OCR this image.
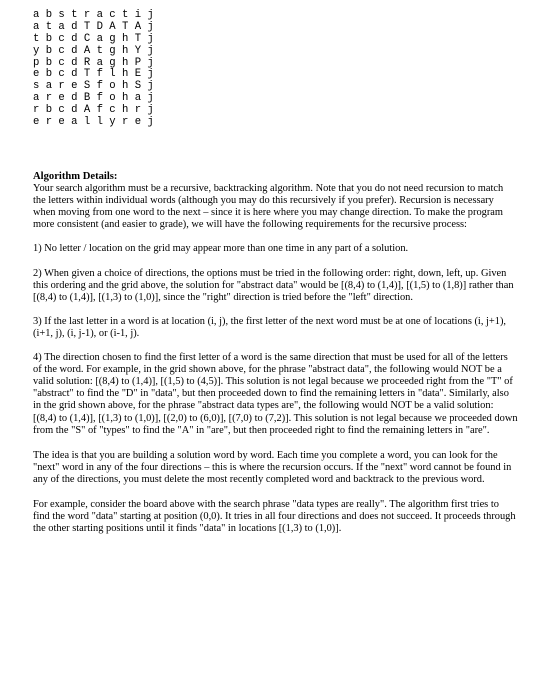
a b s t r a c t i j
a t a d T D A T A j
t b c d C a g h T j
y b c d A t g h Y j
p b c d R a g h P j
e b c d T f l h E j
s a r e S f o h S j
a r e d B f o h a j
r b c d A f c h r j
e r e a l l y r e j
Algorithm Details:

Your search algorithm must be a recursive, backtracking algorithm. Note that you do not need recursion to match the letters within individual words (although you may do this recursively if you prefer). Recursion is necessary when moving from one word to the next – since it is here where you may change direction. To make the program more consistent (and easier to grade), we will have the following requirements for the recursive process:

1) No letter / location on the grid may appear more than one time in any part of a solution.

2) When given a choice of directions, the options must be tried in the following order: right, down, left, up. Given this ordering and the grid above, the solution for "abstract data" would be [(8,4) to (1,4)], [(1,5) to (1,8)] rather than [(8,4) to (1,4)], [(1,3) to (1,0)], since the "right" direction is tried before the "left" direction.

3) If the last letter in a word is at location (i, j), the first letter of the next word must be at one of locations (i, j+1), (i+1, j), (i, j-1), or (i-1, j).

4) The direction chosen to find the first letter of a word is the same direction that must be used for all of the letters of the word. For example, in the grid shown above, for the phrase "abstract data", the following would NOT be a valid solution: [(8,4) to (1,4)], [(1,5) to (4,5)]. This solution is not legal because we proceeded right from the "T" of "abstract" to find the "D" in "data", but then proceeded down to find the remaining letters in "data". Similarly, also in the grid shown above, for the phrase "abstract data types are", the following would NOT be a valid solution: [(8,4) to (1,4)], [(1,3) to (1,0)], [(2,0) to (6,0)], [(7,0) to (7,2)]. This solution is not legal because we proceeded down from the "S" of "types" to find the "A" in "are", but then proceeded right to find the remaining letters in "are".

The idea is that you are building a solution word by word. Each time you complete a word, you can look for the "next" word in any of the four directions – this is where the recursion occurs. If the "next" word cannot be found in any of the directions, you must delete the most recently completed word and backtrack to the previous word.

For example, consider the board above with the search phrase "data types are really". The algorithm first tries to find the word "data" starting at position (0,0). It tries in all four directions and does not succeed. It proceeds through the other starting positions until it finds "data" in locations [(1,3) to (1,0)].
